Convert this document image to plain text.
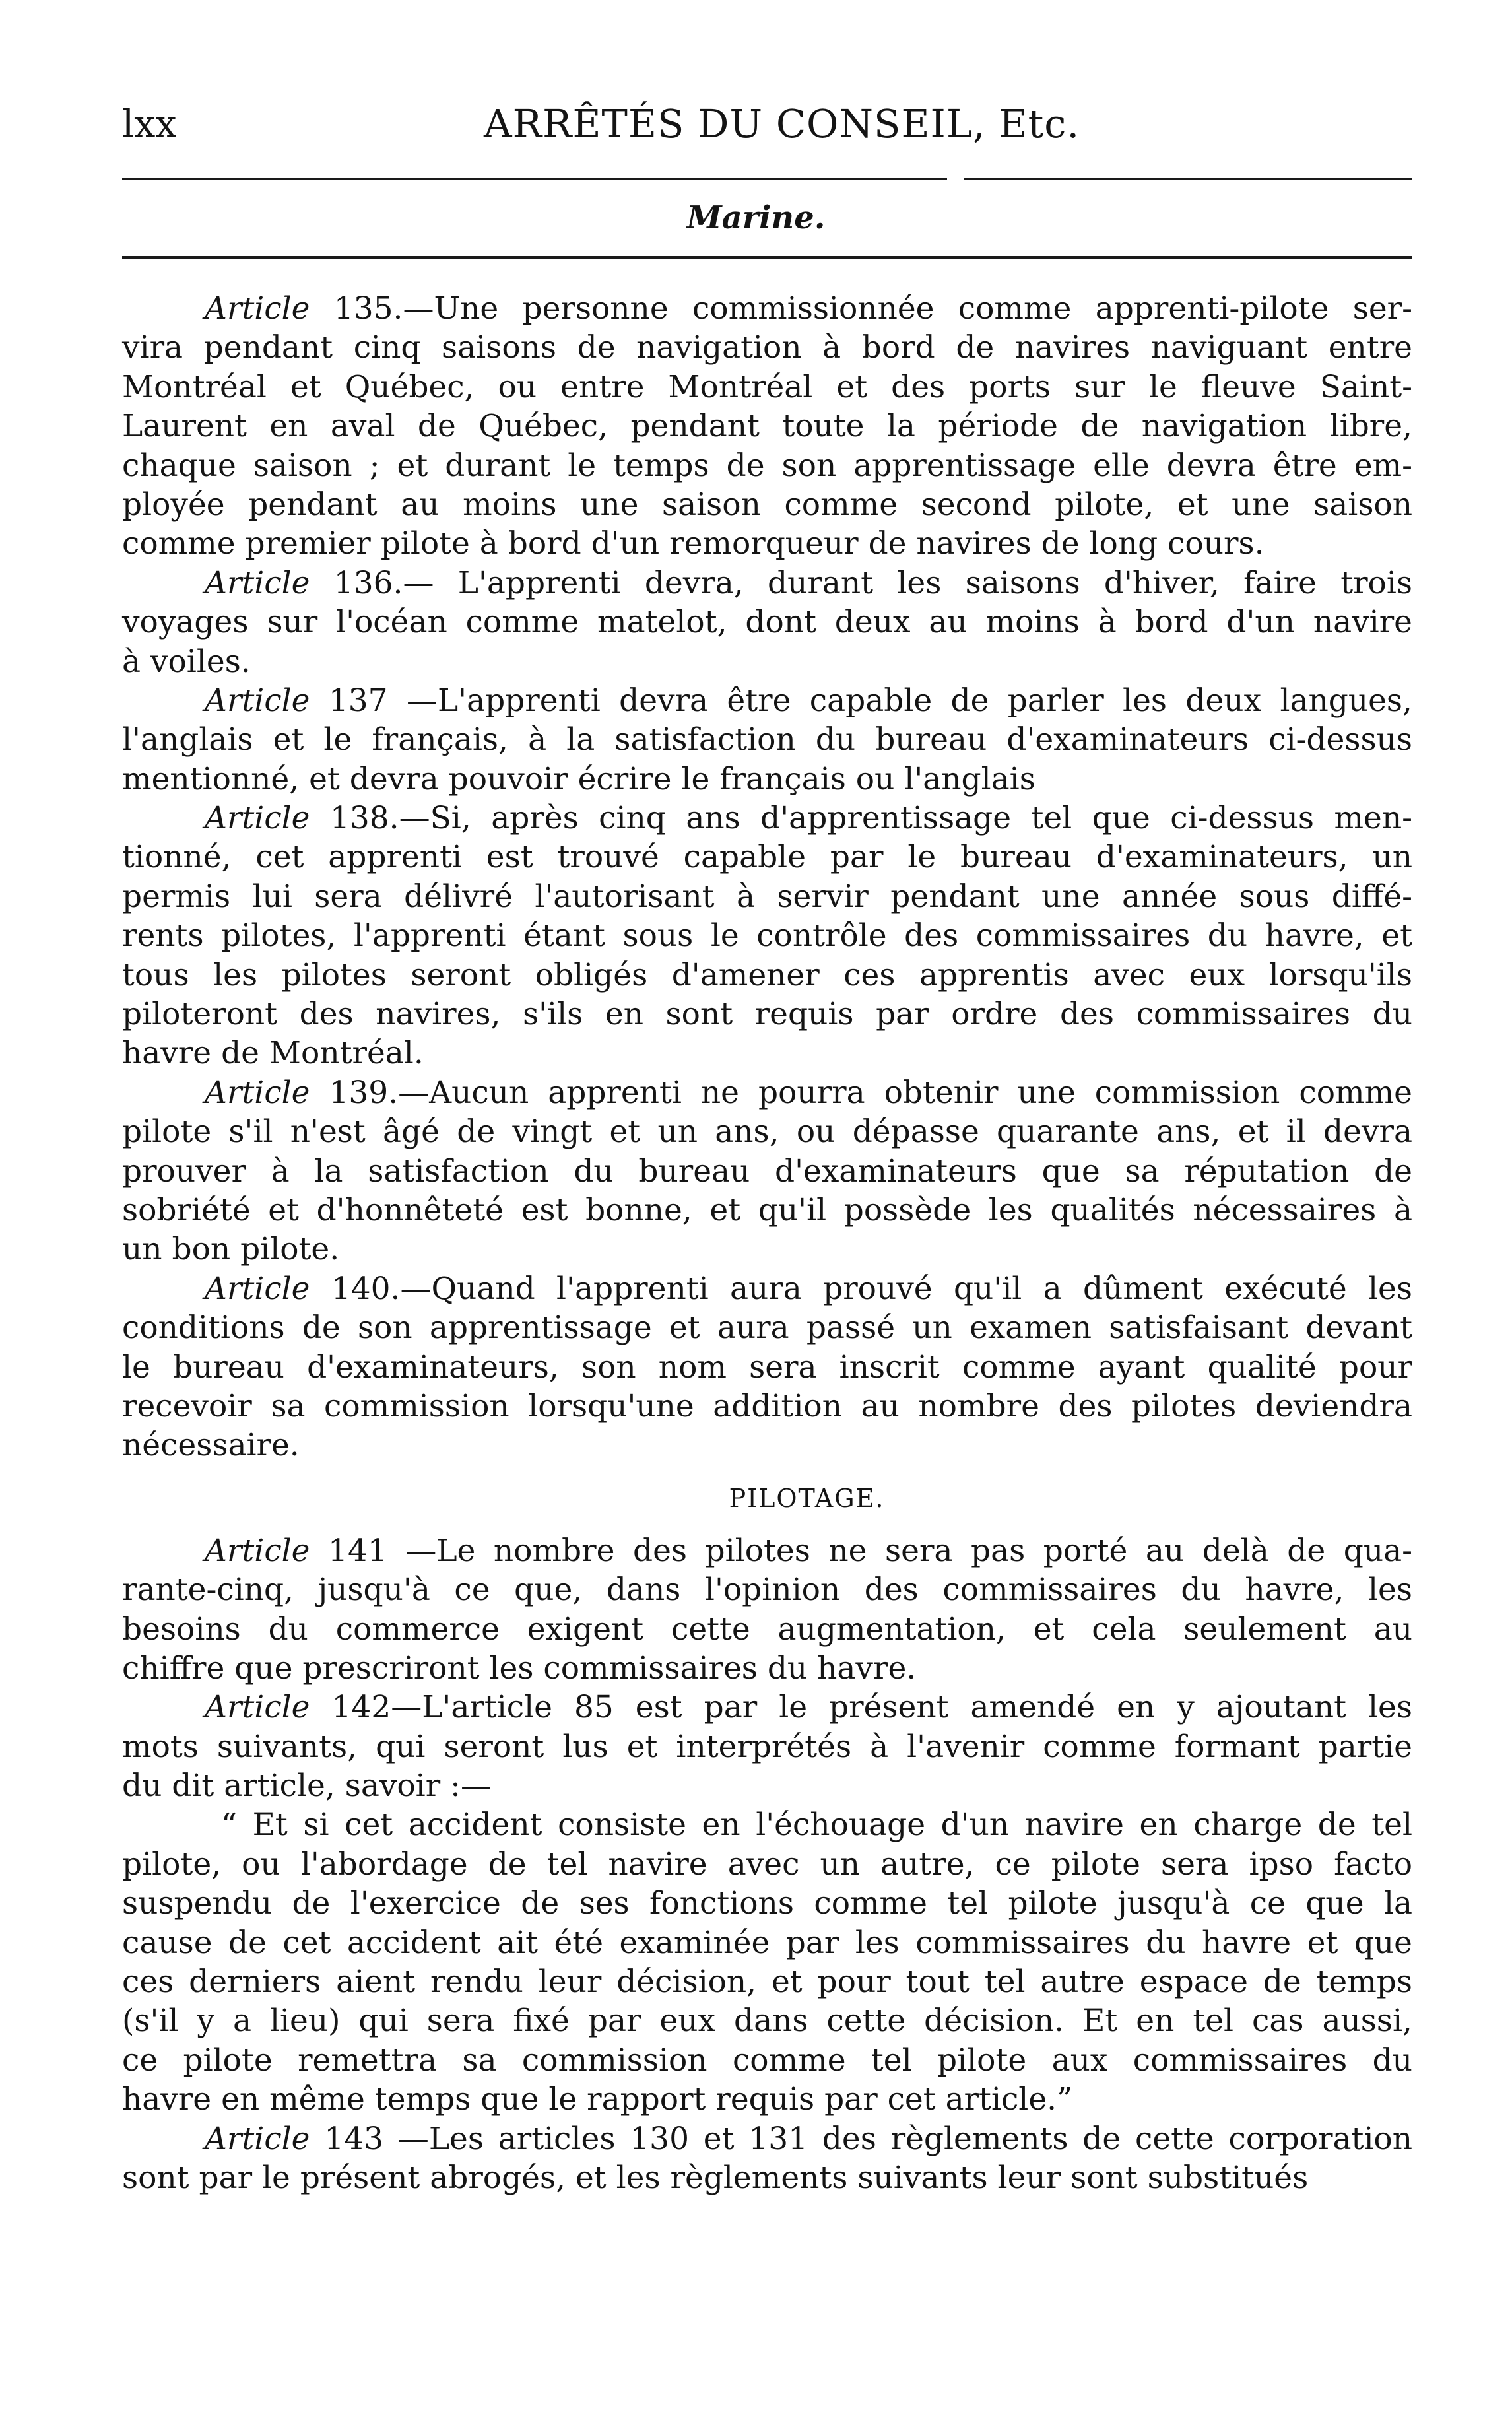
lxx	ARRÊTÉS DU CONSEIL, Etc.
Marine.
Article 135.—Une personne commissionnée comme apprenti-pilote ser-
vira pendant cinq saisons de navigation à bord de navires naviguant entre
Montréal et Québec, ou entre Montréal et des ports sur le fleuve Saint-
Laurent en aval de Québec, pendant toute la période de navigation libre,
chaque saison ; et durant le temps de son apprentissage elle devra être em-
ployée pendant au moins une saison comme second pilote, et une saison
comme premier pilote à bord d'un remorqueur de navires de long cours.
Article 136.— L'apprenti devra, durant les saisons d'hiver, faire trois
voyages sur l'océan comme matelot, dont deux au moins à bord d'un navire
à voiles.
Article 137 —L'apprenti devra être capable de parler les deux langues,
l'anglais et le français, à la satisfaction du bureau d'examinateurs ci-dessus
mentionné, et devra pouvoir écrire le français ou l'anglais
Article 138.—Si, après cinq ans d'apprentissage tel que ci-dessus men-
tionné, cet apprenti est trouvé capable par le bureau d'examinateurs, un
permis lui sera délivré l'autorisant à servir pendant une année sous diffé-
rents pilotes, l'apprenti étant sous le contrôle des commissaires du havre, et
tous les pilotes seront obligés d'amener ces apprentis avec eux lorsqu'ils
piloteront des navires, s'ils en sont requis par ordre des commissaires du
havre de Montréal.
Article 139.—Aucun apprenti ne pourra obtenir une commission comme
pilote s'il n'est âgé de vingt et un ans, ou dépasse quarante ans, et il devra
prouver à la satisfaction du bureau d'examinateurs que sa réputation de
sobriété et d'honnêteté est bonne, et qu'il possède les qualités nécessaires à
un bon pilote.
Article 140.—Quand l'apprenti aura prouvé qu'il a dûment exécuté les
conditions de son apprentissage et aura passé un examen satisfaisant devant
le bureau d'examinateurs, son nom sera inscrit comme ayant qualité pour
recevoir sa commission lorsqu'une addition au nombre des pilotes deviendra
nécessaire.
PILOTAGE.
Article 141 —Le nombre des pilotes ne sera pas porté au delà de qua-
rante-cinq, jusqu'à ce que, dans l'opinion des commissaires du havre, les
besoins du commerce exigent cette augmentation, et cela seulement au
chiffre que prescriront les commissaires du havre.
Article 142—L'article 85 est par le présent amendé en y ajoutant les
mots suivants, qui seront lus et interprétés à l'avenir comme formant partie
du dit article, savoir :—
“ Et si cet accident consiste en l'échouage d'un navire en charge de tel
pilote, ou l'abordage de tel navire avec un autre, ce pilote sera ipso facto
suspendu de l'exercice de ses fonctions comme tel pilote jusqu'à ce que la
cause de cet accident ait été examinée par les commissaires du havre et que
ces derniers aient rendu leur décision, et pour tout tel autre espace de temps
(s'il y a lieu) qui sera fixé par eux dans cette décision. Et en tel cas aussi,
ce pilote remettra sa commission comme tel pilote aux commissaires du
havre en même temps que le rapport requis par cet article.”
Article 143 —Les articles 130 et 131 des règlements de cette corporation
sont par le présent abrogés, et les règlements suivants leur sont substitués
